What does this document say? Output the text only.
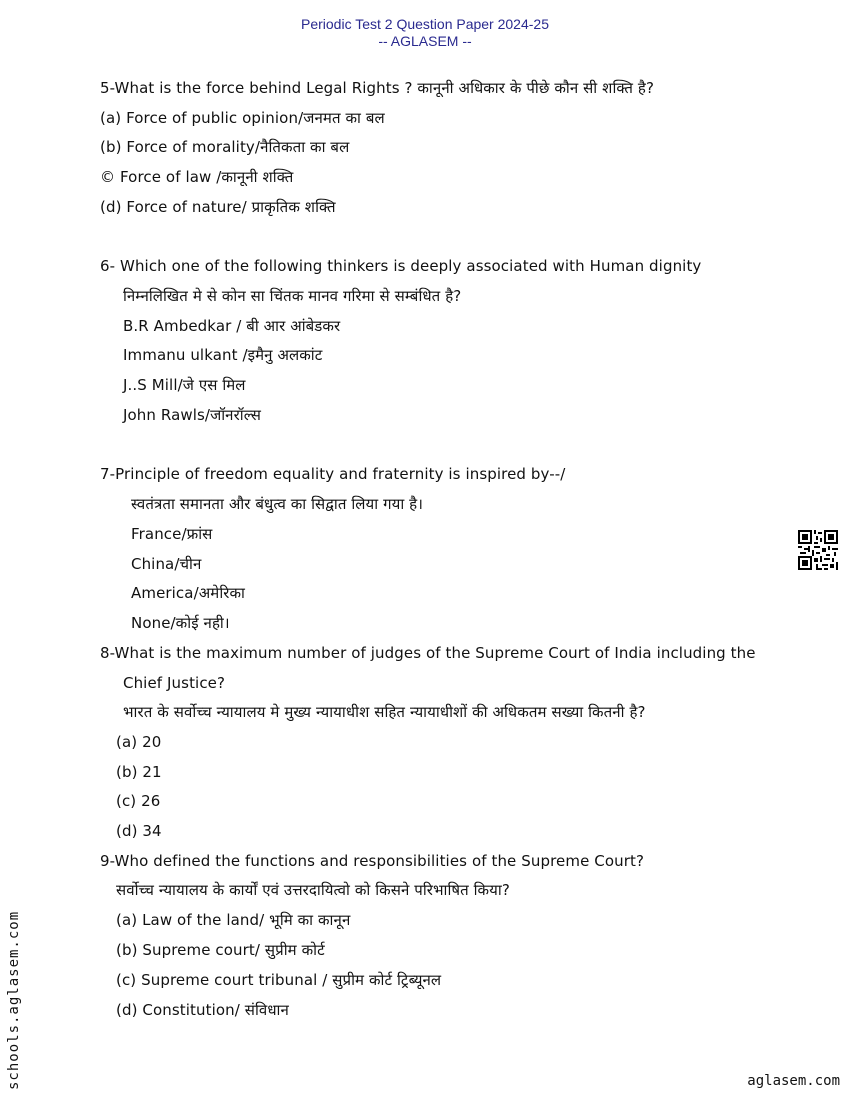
Periodic Test 2 Question Paper 2024-25
-- AGLASEM --
5-What is the force behind Legal Rights ? कानूनी अधिकार के पीछे कौन सी शक्ति है?
(a) Force of public opinion/जनमत का बल
(b) Force of morality/नैतिकता का बल
© Force of law /कानूनी शक्ति
(d) Force of nature/ प्राकृतिक शक्ति
6- Which one of the following thinkers is deeply associated with Human dignity
निम्नलिखित मे से कोन सा चिंतक मानव गरिमा से सम्बंधित है?
B.R Ambedkar / बी आर आंबेडकर
Immanu ulkant /इमैनु अलकांट
J..S Mill/जे एस मिल
John Rawls/जॉनरॉल्स
7-Principle of freedom equality and fraternity is inspired by--/
स्वतंत्रता समानता और बंधुत्व का सिद्वात लिया गया है।
France/फ्रांस
China/चीन
America/अमेरिका
None/कोई नही।
8-What is the maximum number of judges of the Supreme Court of India including the
Chief Justice?
भारत के सर्वोच्च न्यायालय मे मुख्य न्यायाधीश सहित न्यायाधीशों की अधिकतम सख्या कितनी है?
(a) 20
(b) 21
(c) 26
(d) 34
9-Who defined the functions and responsibilities of the Supreme Court?
सर्वोच्च न्यायालय के कार्यों एवं उत्तरदायित्वो को किसने परिभाषित किया?
(a) Law of the land/ भूमि का कानून
(b) Supreme court/ सुप्रीम कोर्ट
(c) Supreme court tribunal / सुप्रीम कोर्ट ट्रिब्यूनल
(d) Constitution/ संविधान
schools.aglasem.com	aglasem.com
